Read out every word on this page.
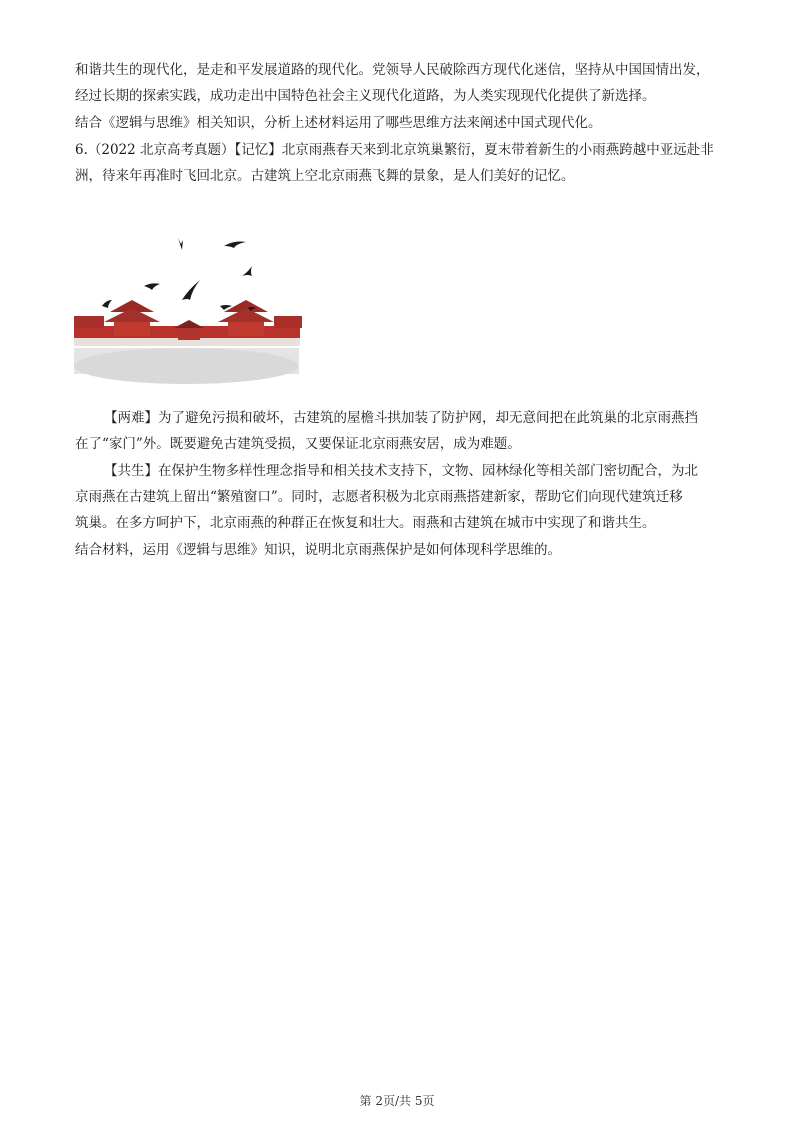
和谐共生的现代化，是走和平发展道路的现代化。党领导人民破除西方现代化迷信，坚持从中国国情出发，
经过长期的探索实践，成功走出中国特色社会主义现代化道路，为人类实现现代化提供了新选择。
结合《逻辑与思维》相关知识，分析上述材料运用了哪些思维方法来阐述中国式现代化。
6.（2022 北京高考真题）【记忆】北京雨燕春天来到北京筑巢繁衍，夏末带着新生的小雨燕跨越中亚远赴非
洲，待来年再准时飞回北京。古建筑上空北京雨燕飞舞的景象，是人们美好的记忆。
【两难】为了避免污损和破坏，古建筑的屋檐斗拱加装了防护网，却无意间把在此筑巢的北京雨燕挡
在了“家门”外。既要避免古建筑受损，又要保证北京雨燕安居，成为难题。
【共生】在保护生物多样性理念指导和相关技术支持下，文物、园林绿化等相关部门密切配合，为北
京雨燕在古建筑上留出“繁殖窗口”。同时，志愿者积极为北京雨燕搭建新家，帮助它们向现代建筑迁移
筑巢。在多方呵护下，北京雨燕的种群正在恢复和壮大。雨燕和古建筑在城市中实现了和谐共生。
结合材料，运用《逻辑与思维》知识，说明北京雨燕保护是如何体现科学思维的。
第 2页/共 5页
